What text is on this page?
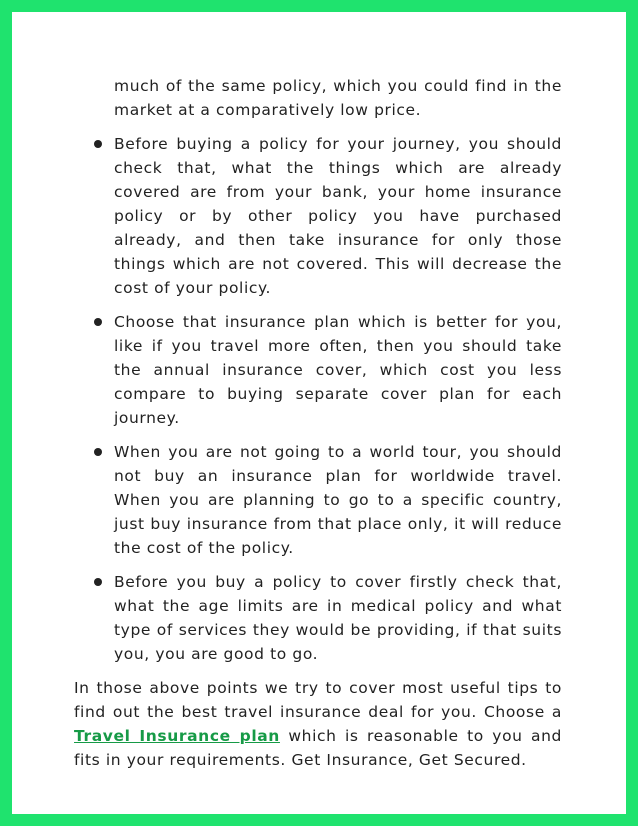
much of the same policy, which you could find in the market at a comparatively low price.
Before buying a policy for your journey, you should check that, what the things which are already covered are from your bank, your home insurance policy or by other policy you have purchased already, and then take insurance for only those things which are not covered. This will decrease the cost of your policy.
Choose that insurance plan which is better for you, like if you travel more often, then you should take the annual insurance cover, which cost you less compare to buying separate cover plan for each journey.
When you are not going to a world tour, you should not buy an insurance plan for worldwide travel. When you are planning to go to a specific country, just buy insurance from that place only, it will reduce the cost of the policy.
Before you buy a policy to cover firstly check that, what the age limits are in medical policy and what type of services they would be providing, if that suits you, you are good to go.

In those above points we try to cover most useful tips to find out the best travel insurance deal for you. Choose a Travel Insurance plan which is reasonable to you and fits in your requirements. Get Insurance, Get Secured.
